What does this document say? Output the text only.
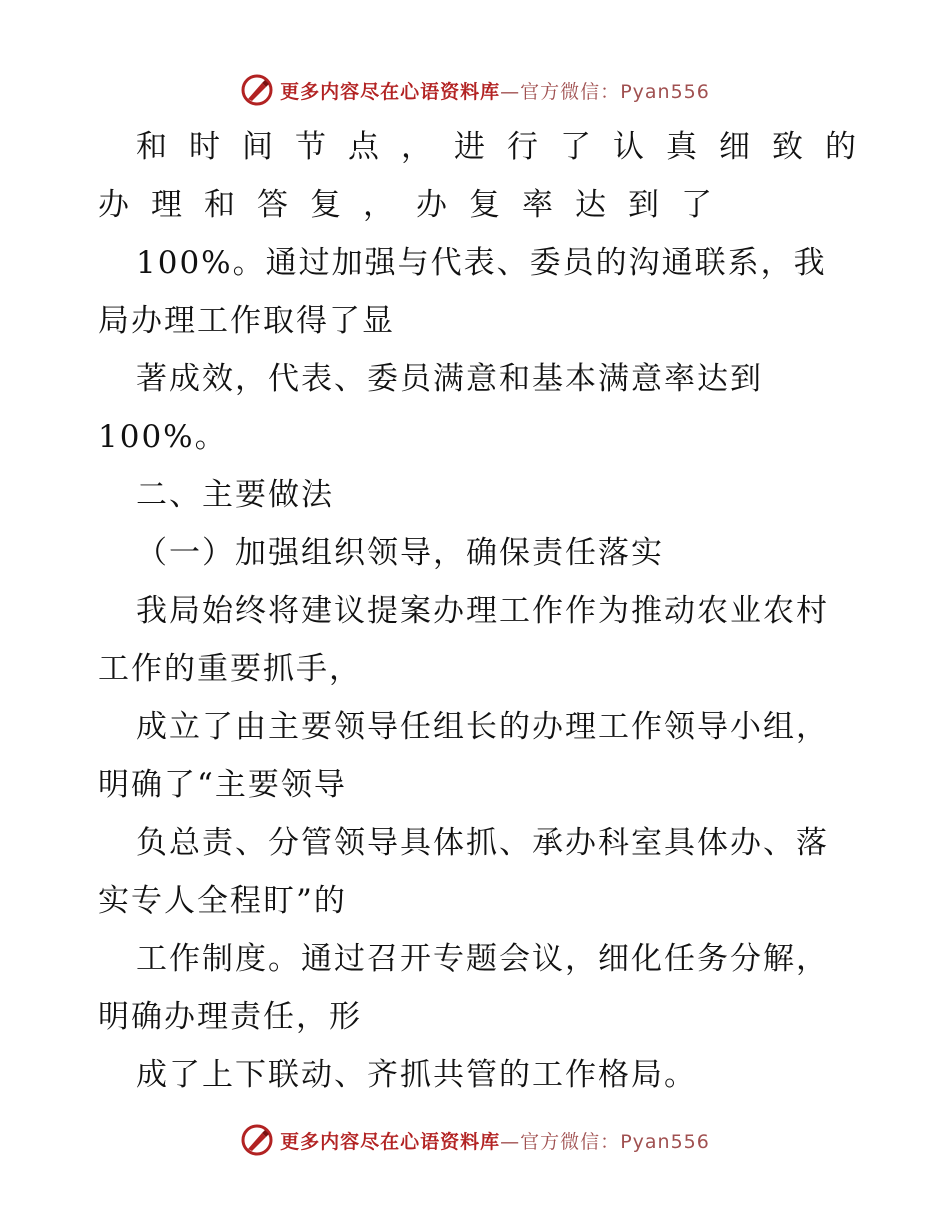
更多内容尽在心语资料库—官方微信：Pyan556
和时间节点，进行了认真细致的
办理和答复，办复率达到了
100%。通过加强与代表、委员的沟通联系，我
局办理工作取得了显
著成效，代表、委员满意和基本满意率达到
100%。
二、主要做法
（一）加强组织领导，确保责任落实
我局始终将建议提案办理工作作为推动农业农村
工作的重要抓手，
成立了由主要领导任组长的办理工作领导小组，
明确了“主要领导
负总责、分管领导具体抓、承办科室具体办、落
实专人全程盯”的
工作制度。通过召开专题会议，细化任务分解，
明确办理责任，形
成了上下联动、齐抓共管的工作格局。
更多内容尽在心语资料库—官方微信：Pyan556
